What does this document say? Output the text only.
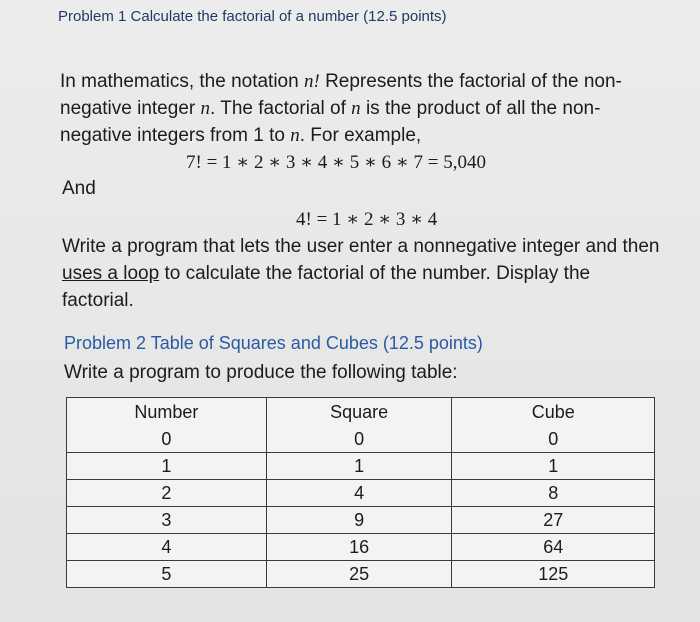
Problem 1 Calculate the factorial of a number (12.5 points)

In mathematics, the notation n! Represents the factorial of the non-negative integer n. The factorial of n is the product of all the non-negative integers from 1 to n. For example,

7! = 1 ∗ 2 ∗ 3 ∗ 4 ∗ 5 ∗ 6 ∗ 7 = 5,040
And
4! = 1 ∗ 2 ∗ 3 ∗ 4

Write a program that lets the user enter a nonnegative integer and then uses a loop to calculate the factorial of the number. Display the factorial.

Problem 2 Table of Squares and Cubes (12.5 points)
Write a program to produce the following table:
Number	Square	Cube
0	0	0
1	1	1
2	4	8
3	9	27
4	16	64
5	25	125
